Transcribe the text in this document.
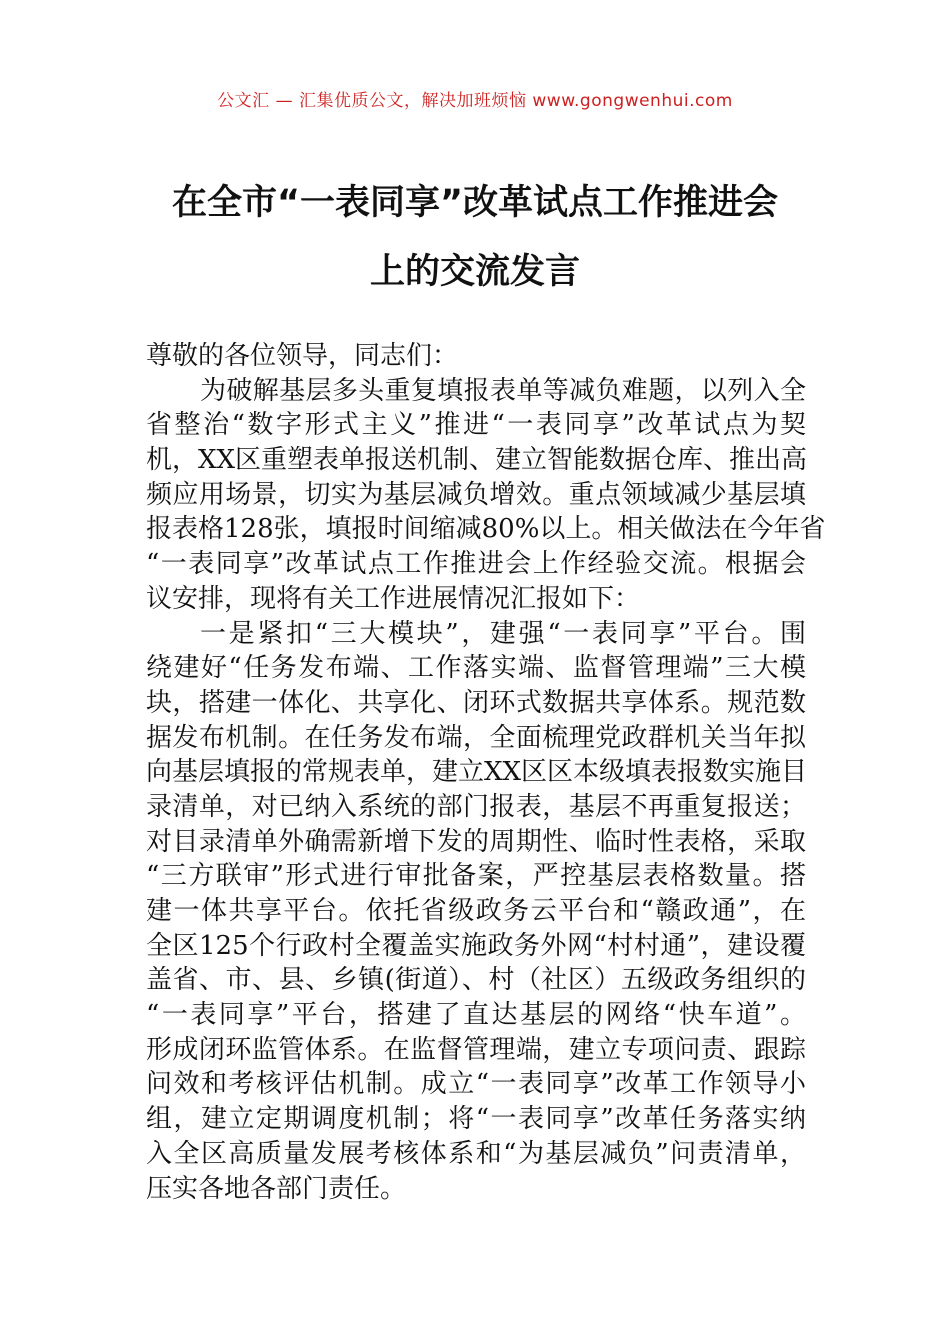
公文汇 — 汇集优质公文，解决加班烦恼 www.gongwenhui.com
在全市“一表同享”改革试点工作推进会
上的交流发言
尊敬的各位领导，同志们：
为破解基层多头重复填报表单等减负难题，以列入全
省整治“数字形式主义”推进“一表同享”改革试点为契
机，XX区重塑表单报送机制、建立智能数据仓库、推出高
频应用场景，切实为基层减负增效。重点领域减少基层填
报表格128张，填报时间缩减80%以上。相关做法在今年省
“一表同享”改革试点工作推进会上作经验交流。根据会
议安排，现将有关工作进展情况汇报如下：
一是紧扣“三大模块”，建强“一表同享”平台。围
绕建好“任务发布端、工作落实端、监督管理端”三大模
块，搭建一体化、共享化、闭环式数据共享体系。规范数
据发布机制。在任务发布端，全面梳理党政群机关当年拟
向基层填报的常规表单，建立XX区区本级填表报数实施目
录清单，对已纳入系统的部门报表，基层不再重复报送；
对目录清单外确需新增下发的周期性、临时性表格，采取
“三方联审”形式进行审批备案，严控基层表格数量。搭
建一体共享平台。依托省级政务云平台和“赣政通”，在
全区125个行政村全覆盖实施政务外网“村村通”，建设覆
盖省、市、县、乡镇(街道）、村（社区）五级政务组织的
“一表同享”平台，搭建了直达基层的网络“快车道”。
形成闭环监管体系。在监督管理端，建立专项问责、跟踪
问效和考核评估机制。成立“一表同享”改革工作领导小
组，建立定期调度机制；将“一表同享”改革任务落实纳
入全区高质量发展考核体系和“为基层减负”问责清单，
压实各地各部门责任。
